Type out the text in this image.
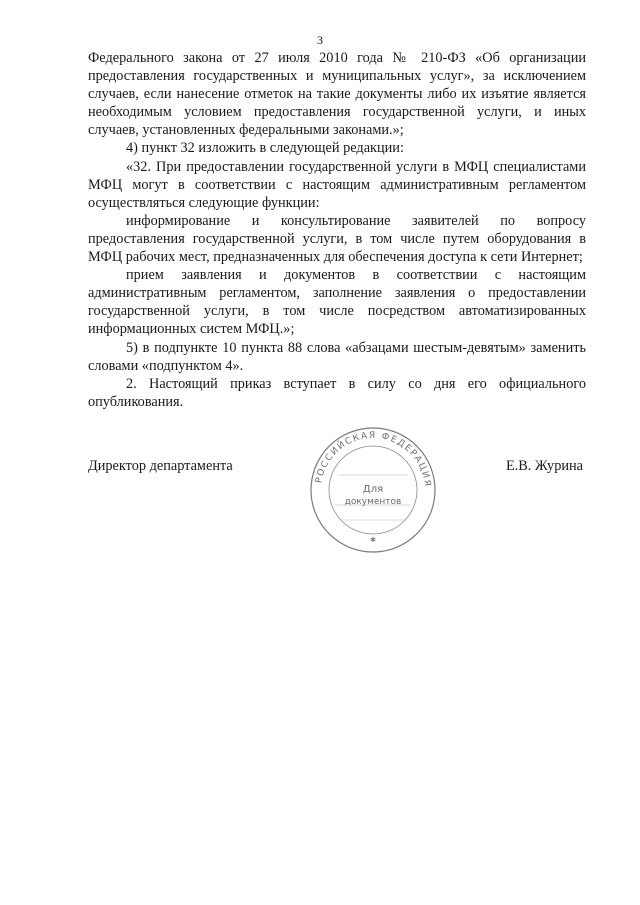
3

Федерального закона от 27 июля 2010 года № 210-ФЗ «Об организации предоставления государственных и муниципальных услуг», за исключением случаев, если нанесение отметок на такие документы либо их изъятие является необходимым условием предоставления государственной услуги, и иных случаев, установленных федеральными законами.»;

4) пункт 32 изложить в следующей редакции:

«32. При предоставлении государственной услуги в МФЦ специалистами МФЦ могут в соответствии с настоящим административным регламентом осуществляться следующие функции:

информирование и консультирование заявителей по вопросу предоставления государственной услуги, в том числе путем оборудования в МФЦ рабочих мест, предназначенных для обеспечения доступа к сети Интернет;

прием заявления и документов в соответствии с настоящим административным регламентом, заполнение заявления о предоставлении государственной услуги, в том числе посредством автоматизированных информационных систем МФЦ.»;

5) в подпункте 10 пункта 88 слова «абзацами шестым-девятым» заменить словами «подпунктом 4».

2. Настоящий приказ вступает в силу со дня его официального опубликования.

Директор департамента	Е.В. Журина
РОССИЙСКАЯ ФЕДЕРАЦИЯ
Для
документов
✱
